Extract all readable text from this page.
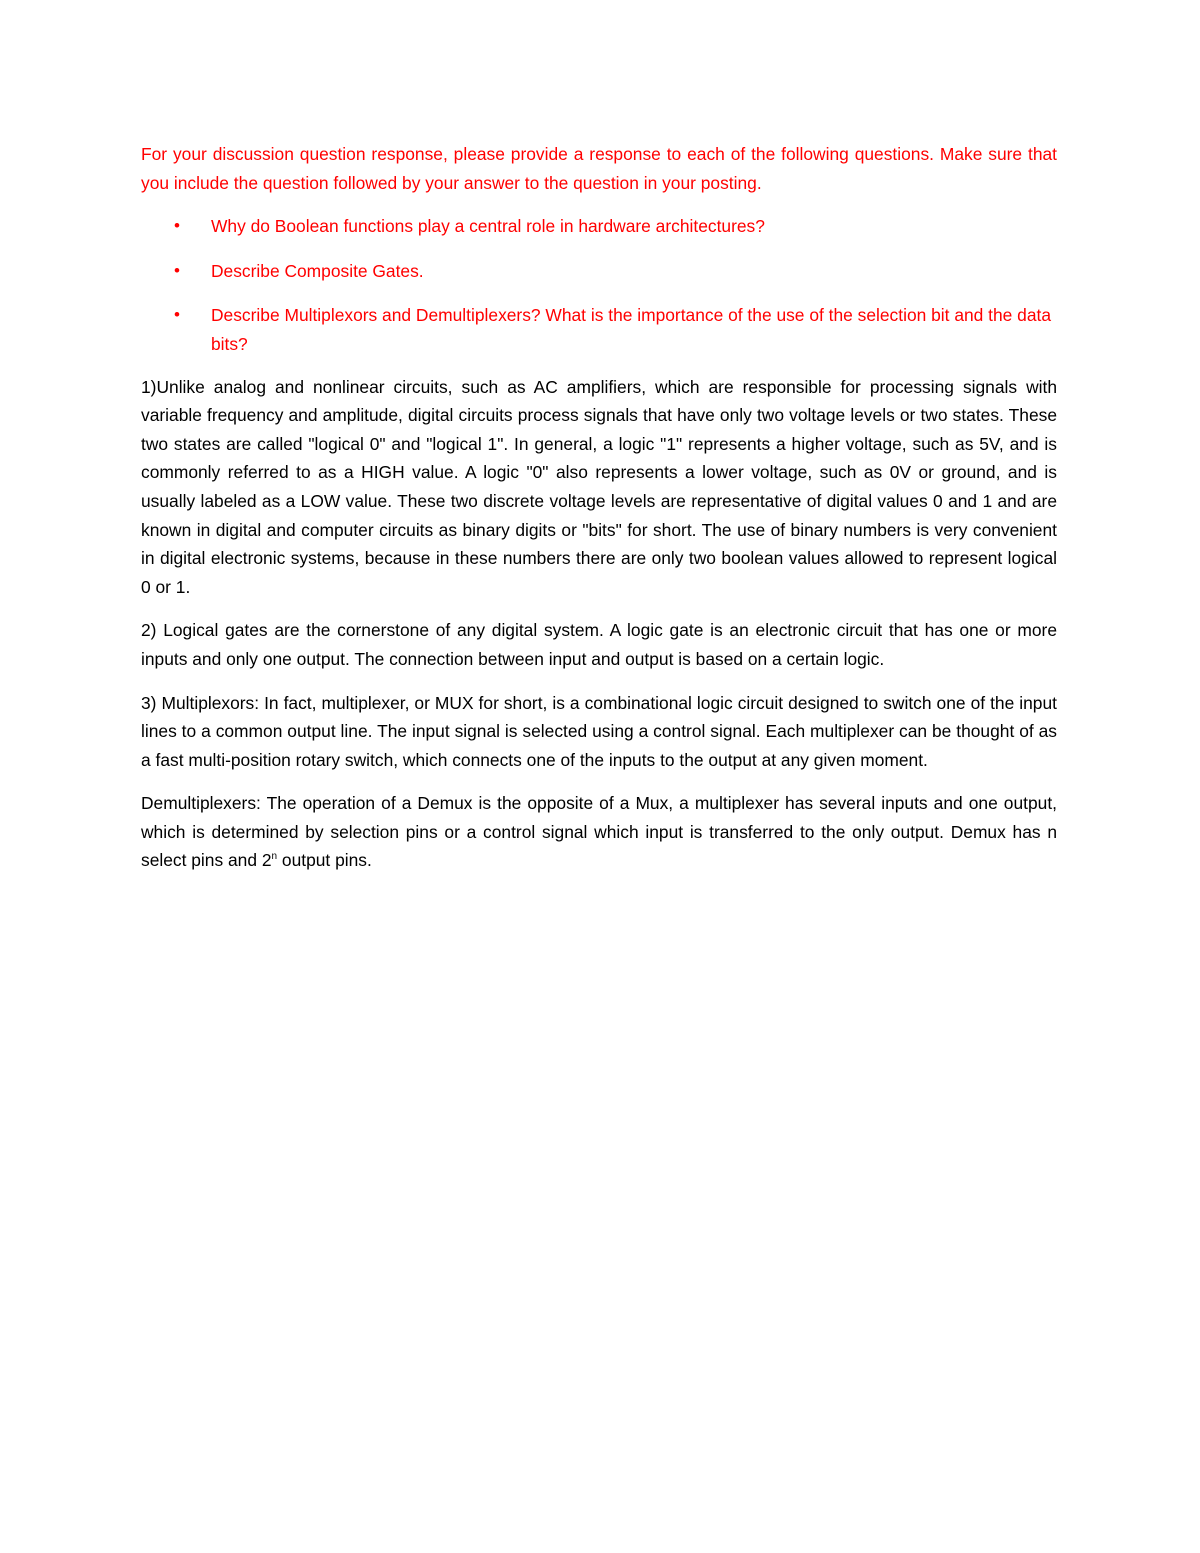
For your discussion question response, please provide a response to each of the following questions. Make sure that you include the question followed by your answer to the question in your posting.

•	Why do Boolean functions play a central role in hardware architectures?
•	Describe Composite Gates.
•	Describe Multiplexors and Demultiplexers? What is the importance of the use of the selection bit and the data bits?

1)Unlike analog and nonlinear circuits, such as AC amplifiers, which are responsible for processing signals with variable frequency and amplitude, digital circuits process signals that have only two voltage levels or two states. These two states are called "logical 0" and "logical 1". In general, a logic "1" represents a higher voltage, such as 5V, and is commonly referred to as a HIGH value. A logic "0" also represents a lower voltage, such as 0V or ground, and is usually labeled as a LOW value. These two discrete voltage levels are representative of digital values 0 and 1 and are known in digital and computer circuits as binary digits or "bits" for short. The use of binary numbers is very convenient in digital electronic systems, because in these numbers there are only two boolean values allowed to represent logical 0 or 1.

2) Logical gates are the cornerstone of any digital system. A logic gate is an electronic circuit that has one or more inputs and only one output. The connection between input and output is based on a certain logic.

3) Multiplexors: In fact, multiplexer, or MUX for short, is a combinational logic circuit designed to switch one of the input lines to a common output line. The input signal is selected using a control signal. Each multiplexer can be thought of as a fast multi-position rotary switch, which connects one of the inputs to the output at any given moment.

Demultiplexers: The operation of a Demux is the opposite of a Mux, a multiplexer has several inputs and one output, which is determined by selection pins or a control signal which input is transferred to the only output. Demux has n select pins and 2$^n$ output pins.
